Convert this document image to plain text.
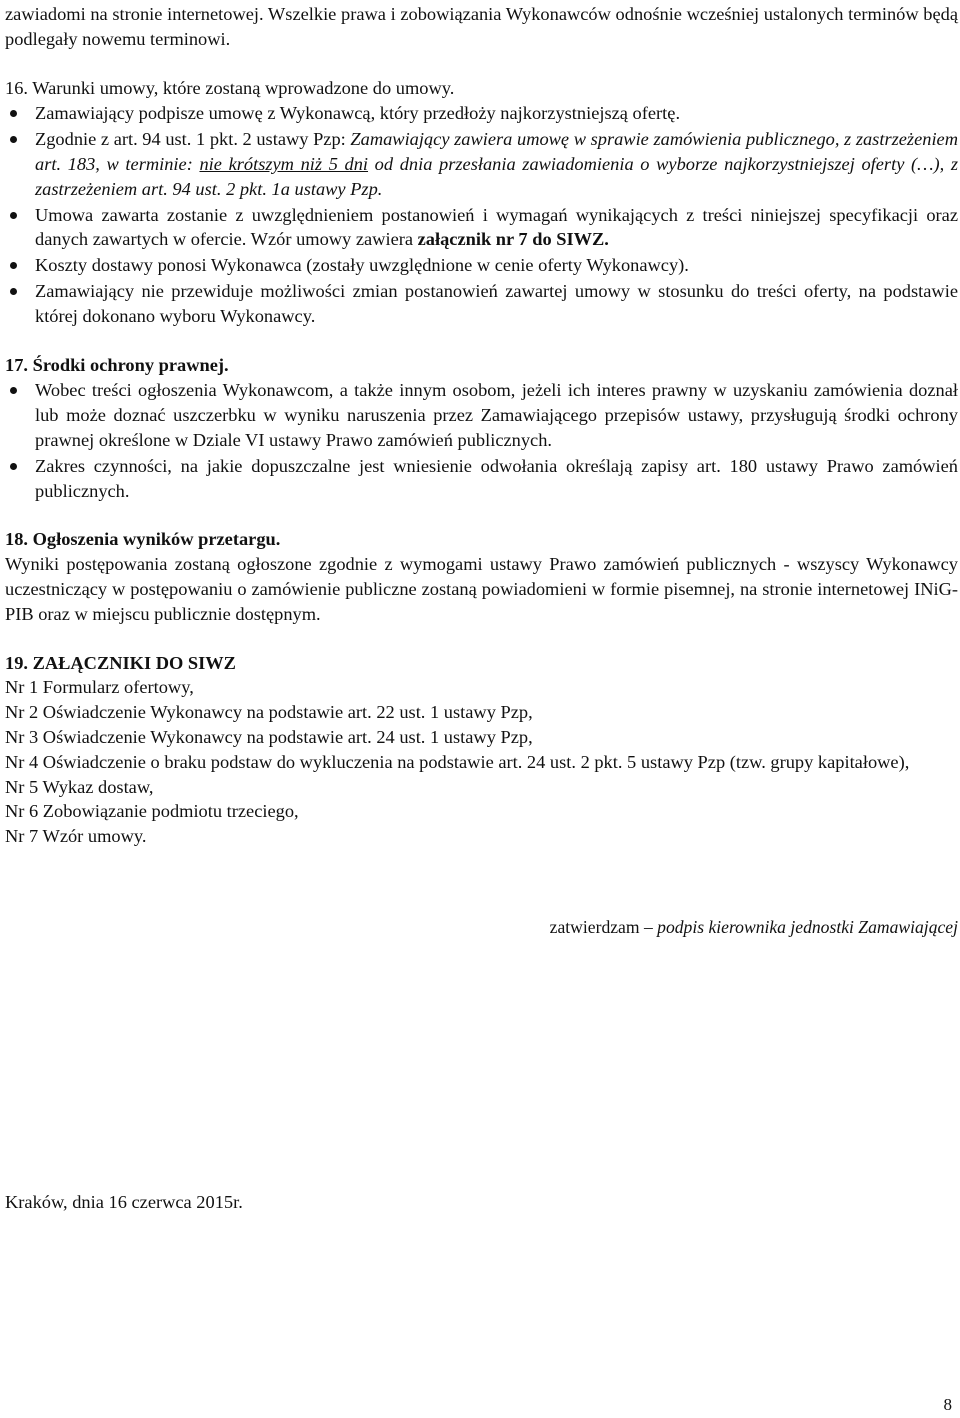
zawiadomi na stronie internetowej. Wszelkie prawa i zobowiązania Wykonawców odnośnie wcześniej ustalonych terminów będą podlegały nowemu terminowi.

16. Warunki umowy, które zostaną wprowadzone do umowy.

Zamawiający podpisze umowę z Wykonawcą, który przedłoży najkorzystniejszą ofertę.
Zgodnie z art. 94 ust. 1 pkt. 2 ustawy Pzp: Zamawiający zawiera umowę w sprawie zamówienia publicznego, z zastrzeżeniem art. 183, w terminie: nie krótszym niż 5 dni od dnia przesłania zawiadomienia o wyborze najkorzystniejszej oferty (…), z zastrzeżeniem art. 94 ust. 2 pkt. 1a ustawy Pzp.
Umowa zawarta zostanie z uwzględnieniem postanowień i wymagań wynikających z treści niniejszej specyfikacji oraz danych zawartych w ofercie. Wzór umowy zawiera załącznik nr 7 do SIWZ.
Koszty dostawy ponosi Wykonawca (zostały uwzględnione w cenie oferty Wykonawcy).
Zamawiający nie przewiduje możliwości zmian postanowień zawartej umowy w stosunku do treści oferty, na podstawie której dokonano wyboru Wykonawcy.

17. Środki ochrony prawnej.

Wobec treści ogłoszenia Wykonawcom, a także innym osobom, jeżeli ich interes prawny w uzyskaniu zamówienia doznał lub może doznać uszczerbku w wyniku naruszenia przez Zamawiającego przepisów ustawy, przysługują środki ochrony prawnej określone w Dziale VI ustawy Prawo zamówień publicznych.
Zakres czynności, na jakie dopuszczalne jest wniesienie odwołania określają zapisy art. 180 ustawy Prawo zamówień publicznych.

18. Ogłoszenia wyników przetargu.

Wyniki postępowania zostaną ogłoszone zgodnie z wymogami ustawy Prawo zamówień publicznych - wszyscy Wykonawcy uczestniczący w postępowaniu o zamówienie publiczne zostaną powiadomieni w formie pisemnej, na stronie internetowej INiG-PIB oraz w miejscu publicznie dostępnym.

19. ZAŁĄCZNIKI DO SIWZ

Nr 1 Formularz ofertowy,

Nr 2 Oświadczenie Wykonawcy na podstawie art. 22 ust. 1 ustawy Pzp,

Nr 3 Oświadczenie Wykonawcy na podstawie art. 24 ust. 1 ustawy Pzp,

Nr 4 Oświadczenie o braku podstaw do wykluczenia na podstawie art. 24 ust. 2 pkt. 5 ustawy Pzp (tzw. grupy kapitałowe),

Nr 5 Wykaz dostaw,

Nr 6 Zobowiązanie podmiotu trzeciego,

Nr 7 Wzór umowy.

zatwierdzam – podpis kierownika jednostki Zamawiającej
Kraków, dnia 16 czerwca 2015r.
8
